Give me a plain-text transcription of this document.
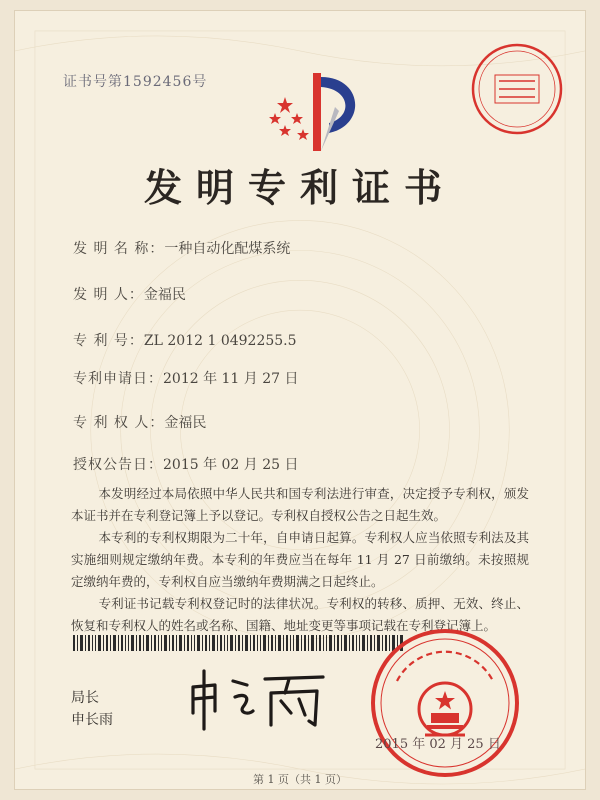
证书号第1592456号
发明专利证书
发 明 名 称：一种自动化配煤系统
发 明 人：金福民
专 利 号：ZL 2012 1 0492255.5
专利申请日：2012 年 11 月 27 日
专 利 权 人：金福民
授权公告日：2015 年 02 月 25 日

本发明经过本局依照中华人民共和国专利法进行审查，决定授予专利权，颁发本证书并在专利登记簿上予以登记。专利权自授权公告之日起生效。

本专利的专利权期限为二十年，自申请日起算。专利权人应当依照专利法及其实施细则规定缴纳年费。本专利的年费应当在每年 11 月 27 日前缴纳。未按照规定缴纳年费的，专利权自应当缴纳年费期满之日起终止。

专利证书记载专利权登记时的法律状况。专利权的转移、质押、无效、终止、恢复和专利权人的姓名或名称、国籍、地址变更等事项记载在专利登记簿上。

局长
申长雨
2015 年 02 月 25 日
第 1 页（共 1 页）
